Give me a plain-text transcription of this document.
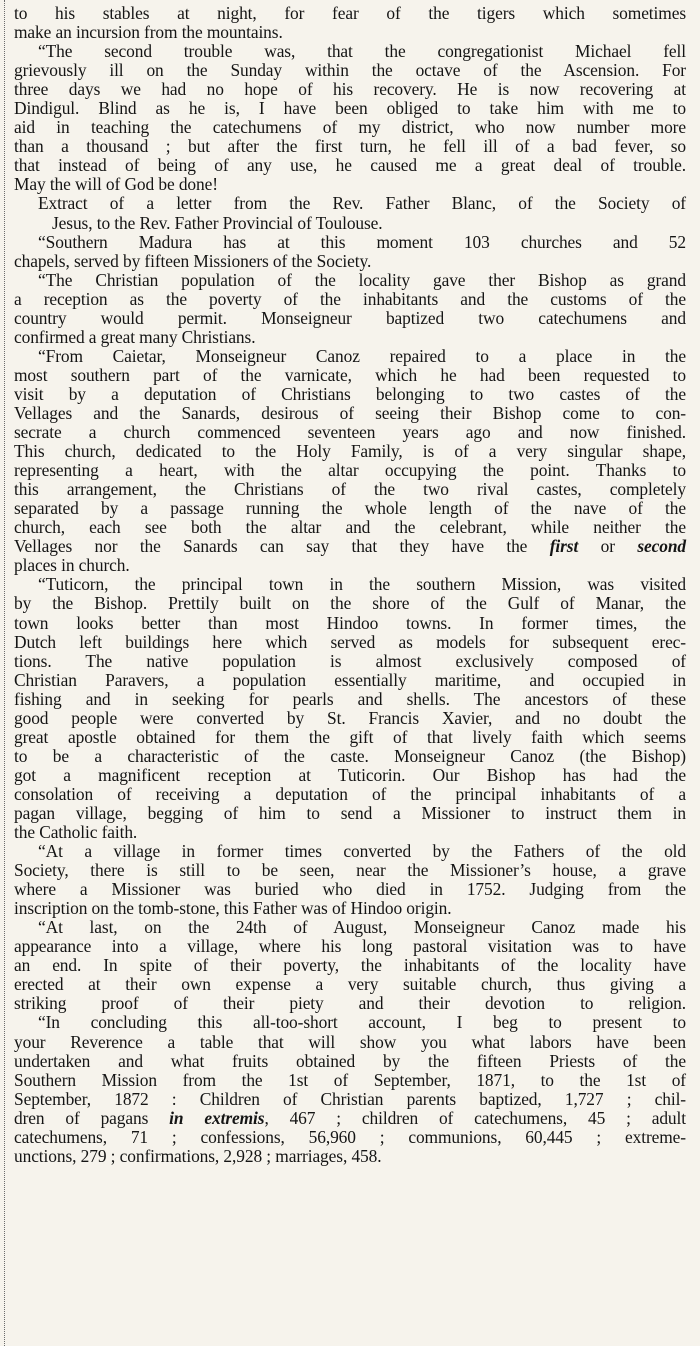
to his stables at night, for fear of the tigers which sometimes
make an incursion from the mountains.
“The second trouble was, that the congregationist Michael fell
grievously ill on the Sunday within the octave of the Ascension. For
three days we had no hope of his recovery. He is now recovering at
Dindigul. Blind as he is, I have been obliged to take him with me to
aid in teaching the catechumens of my district, who now number more
than a thousand ; but after the first turn, he fell ill of a bad fever, so
that instead of being of any use, he caused me a great deal of trouble.
May the will of God be done!
Extract of a letter from the Rev. Father Blanc, of the Society of
Jesus, to the Rev. Father Provincial of Toulouse.
“Southern Madura has at this moment 103 churches and 52
chapels, served by fifteen Missioners of the Society.
“The Christian population of the locality gave ther Bishop as grand
a reception as the poverty of the inhabitants and the customs of the
country would permit. Monseigneur baptized two catechumens and
confirmed a great many Christians.
“From Caietar, Monseigneur Canoz repaired to a place in the
most southern part of the varnicate, which he had been requested to
visit by a deputation of Christians belonging to two castes of the
Vellages and the Sanards, desirous of seeing their Bishop come to con-
secrate a church commenced seventeen years ago and now finished.
This church, dedicated to the Holy Family, is of a very singular shape,
representing a heart, with the altar occupying the point. Thanks to
this arrangement, the Christians of the two rival castes, completely
separated by a passage running the whole length of the nave of the
church, each see both the altar and the celebrant, while neither the
Vellages nor the Sanards can say that they have the first or second
places in church.
“Tuticorn, the principal town in the southern Mission, was visited
by the Bishop. Prettily built on the shore of the Gulf of Manar, the
town looks better than most Hindoo towns. In former times, the
Dutch left buildings here which served as models for subsequent erec-
tions. The native population is almost exclusively composed of
Christian Paravers, a population essentially maritime, and occupied in
fishing and in seeking for pearls and shells. The ancestors of these
good people were converted by St. Francis Xavier, and no doubt the
great apostle obtained for them the gift of that lively faith which seems
to be a characteristic of the caste. Monseigneur Canoz (the Bishop)
got a magnificent reception at Tuticorin. Our Bishop has had the
consolation of receiving a deputation of the principal inhabitants of a
pagan village, begging of him to send a Missioner to instruct them in
the Catholic faith.
“At a village in former times converted by the Fathers of the old
Society, there is still to be seen, near the Missioner’s house, a grave
where a Missioner was buried who died in 1752. Judging from the
inscription on the tomb-stone, this Father was of Hindoo origin.
“At last, on the 24th of August, Monseigneur Canoz made his
appearance into a village, where his long pastoral visitation was to have
an end. In spite of their poverty, the inhabitants of the locality have
erected at their own expense a very suitable church, thus giving a
striking proof of their piety and their devotion to religion.
“In concluding this all-too-short account, I beg to present to
your Reverence a table that will show you what labors have been
undertaken and what fruits obtained by the fifteen Priests of the
Southern Mission from the 1st of September, 1871, to the 1st of
September, 1872 : Children of Christian parents baptized, 1,727 ; chil-
dren of pagans in extremis, 467 ; children of catechumens, 45 ; adult
catechumens, 71 ; confessions, 56,960 ; communions, 60,445 ; extreme-
unctions, 279 ; confirmations, 2,928 ; marriages, 458.
